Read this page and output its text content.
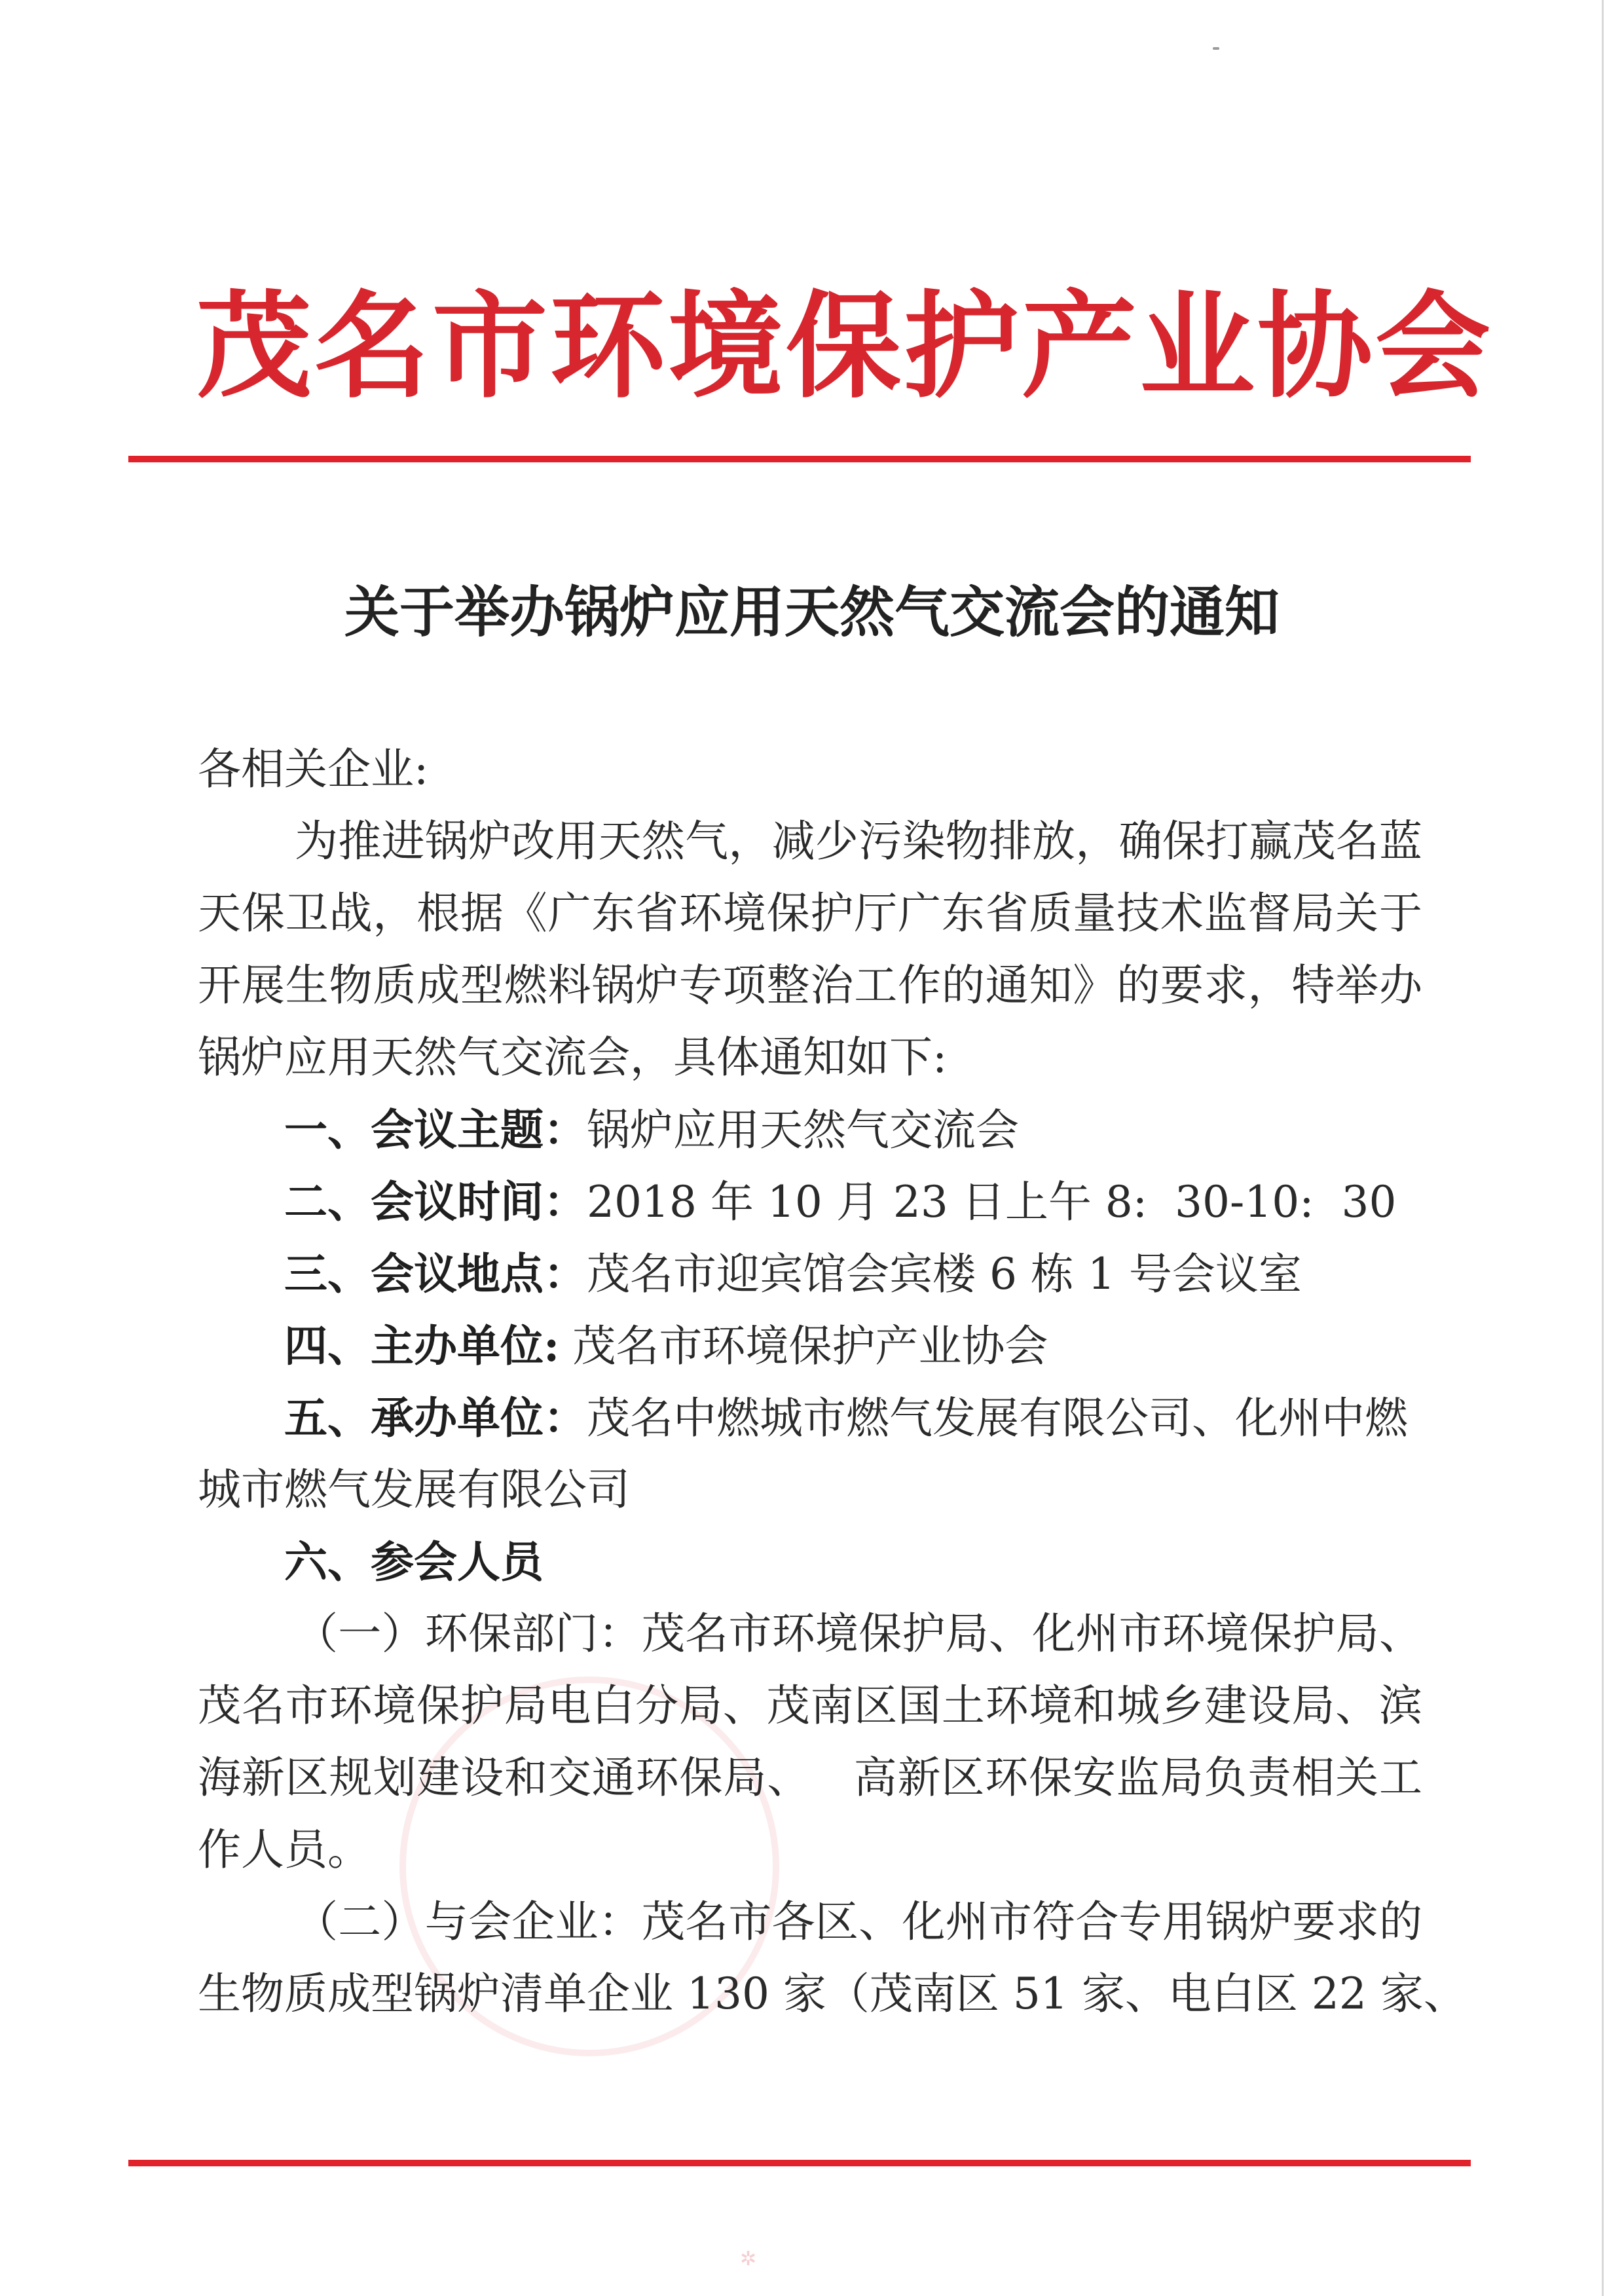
茂名市环境保护产业协会
关于举办锅炉应用天然气交流会的通知
各相关企业:
为推进锅炉改用天然气，减少污染物排放，确保打赢茂名蓝
天保卫战，根据《广东省环境保护厅广东省质量技术监督局关于
开展生物质成型燃料锅炉专项整治工作的通知》的要求，特举办
锅炉应用天然气交流会，具体通知如下:
一、会议主题：锅炉应用天然气交流会
二、会议时间：2018 年 10 月 23 日上午 8:  30-10:  30
三、会议地点：茂名市迎宾馆会宾楼 6 栋 1 号会议室
四、主办单位: 茂名市环境保护产业协会
五、承办单位：茂名中燃城市燃气发展有限公司、化州中燃
城市燃气发展有限公司
六、参会人员
（一）环保部门：茂名市环境保护局、化州市环境保护局、
茂名市环境保护局电白分局、茂南区国土环境和城乡建设局、滨
海新区规划建设和交通环保局、   高新区环保安监局负责相关工
作人员。
（二）与会企业：茂名市各区、化州市符合专用锅炉要求的
生物质成型锅炉清单企业 130 家（茂南区 51 家、电白区 22 家、
✲
